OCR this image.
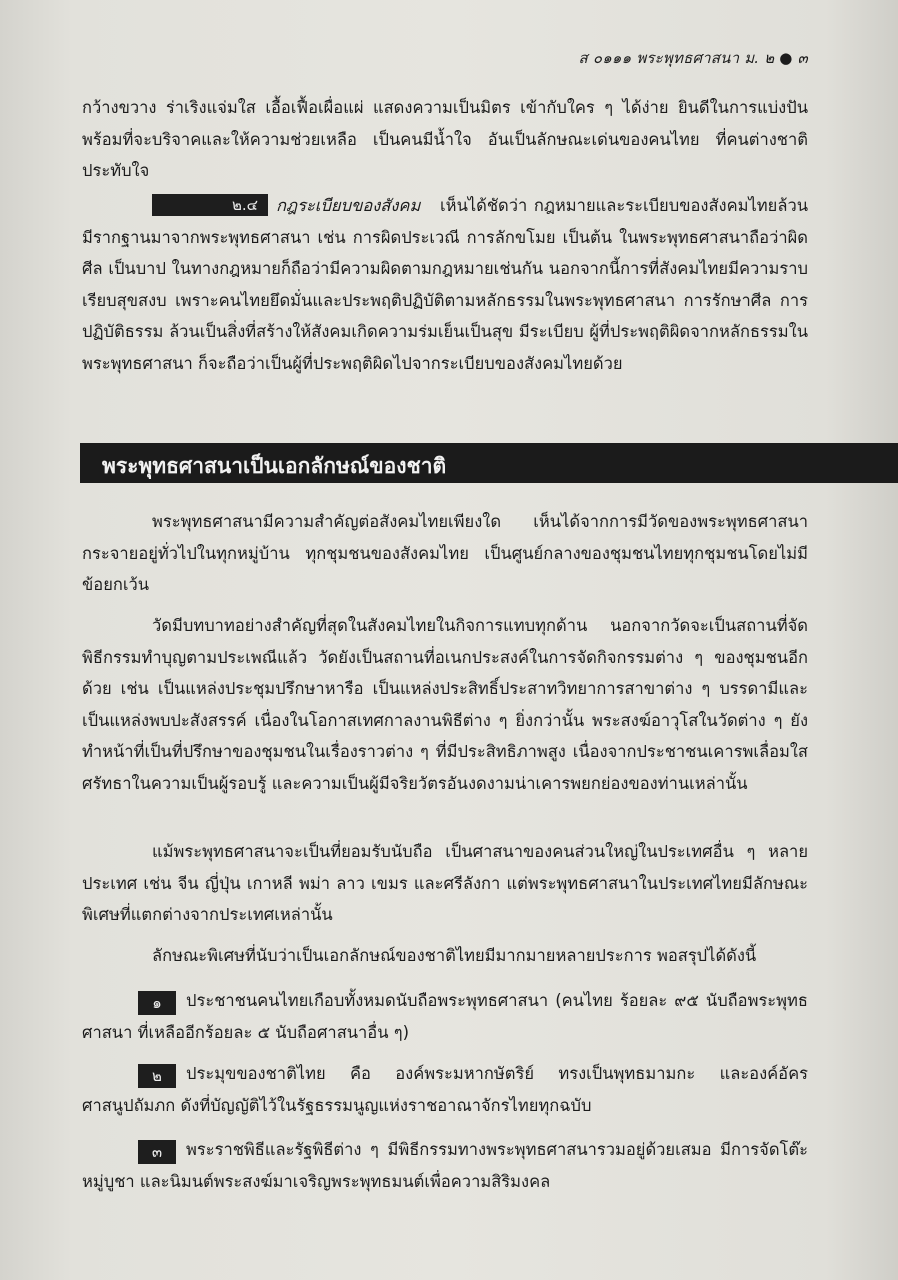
ส ๐๑๑๑ พระพุทธศาสนา ม. ๒ ● ๓
กว้างขวาง ร่าเริงแจ่มใส เอื้อเฟื้อเผื่อแผ่ แสดงความเป็นมิตร เข้ากับใคร ๆ ได้ง่าย ยินดีในการแบ่งปันพร้อมที่จะบริจาคและให้ความช่วยเหลือ เป็นคนมีน้ำใจ อันเป็นลักษณะเด่นของคนไทย ที่คนต่างชาติประทับใจ
๒.๔ กฎระเบียบของสังคม เห็นได้ชัดว่า กฎหมายและระเบียบของสังคมไทยล้วนมีรากฐานมาจากพระพุทธศาสนา เช่น การผิดประเวณี การลักขโมย เป็นต้น ในพระพุทธศาสนาถือว่าผิดศีล เป็นบาป ในทางกฎหมายก็ถือว่ามีความผิดตามกฎหมายเช่นกัน นอกจากนี้การที่สังคมไทยมีความราบเรียบสุขสงบ เพราะคนไทยยึดมั่นและประพฤติปฏิบัติตามหลักธรรมในพระพุทธศาสนา การรักษาศีล การปฏิบัติธรรม ล้วนเป็นสิ่งที่สร้างให้สังคมเกิดความร่มเย็นเป็นสุข มีระเบียบ ผู้ที่ประพฤติผิดจากหลักธรรมในพระพุทธศาสนา ก็จะถือว่าเป็นผู้ที่ประพฤติผิดไปจากระเบียบของสังคมไทยด้วย
พระพุทธศาสนาเป็นเอกลักษณ์ของชาติ
พระพุทธศาสนามีความสำคัญต่อสังคมไทยเพียงใด เห็นได้จากการมีวัดของพระพุทธศาสนากระจายอยู่ทั่วไปในทุกหมู่บ้าน ทุกชุมชนของสังคมไทย เป็นศูนย์กลางของชุมชนไทยทุกชุมชนโดยไม่มีข้อยกเว้น
วัดมีบทบาทอย่างสำคัญที่สุดในสังคมไทยในกิจการแทบทุกด้าน นอกจากวัดจะเป็นสถานที่จัดพิธีกรรมทำบุญตามประเพณีแล้ว วัดยังเป็นสถานที่อเนกประสงค์ในการจัดกิจกรรมต่าง ๆ ของชุมชนอีกด้วย เช่น เป็นแหล่งประชุมปรึกษาหารือ เป็นแหล่งประสิทธิ์ประสาทวิทยาการสาขาต่าง ๆ บรรดามีและเป็นแหล่งพบปะสังสรรค์ เนื่องในโอกาสเทศกาลงานพิธีต่าง ๆ ยิ่งกว่านั้น พระสงฆ์อาวุโสในวัดต่าง ๆ ยังทำหน้าที่เป็นที่ปรึกษาของชุมชนในเรื่องราวต่าง ๆ ที่มีประสิทธิภาพสูง เนื่องจากประชาชนเคารพเลื่อมใสศรัทธาในความเป็นผู้รอบรู้ และความเป็นผู้มีจริยวัตรอันงดงามน่าเคารพยกย่องของท่านเหล่านั้น
แม้พระพุทธศาสนาจะเป็นที่ยอมรับนับถือ เป็นศาสนาของคนส่วนใหญ่ในประเทศอื่น ๆ หลายประเทศ เช่น จีน ญี่ปุ่น เกาหลี พม่า ลาว เขมร และศรีลังกา แต่พระพุทธศาสนาในประเทศไทยมีลักษณะพิเศษที่แตกต่างจากประเทศเหล่านั้น
ลักษณะพิเศษที่นับว่าเป็นเอกลักษณ์ของชาติไทยมีมากมายหลายประการ พอสรุปได้ดังนี้
๑ ประชาชนคนไทยเกือบทั้งหมดนับถือพระพุทธศาสนา (คนไทย ร้อยละ ๙๕ นับถือพระพุทธศาสนา ที่เหลืออีกร้อยละ ๕ นับถือศาสนาอื่น ๆ)
๒ ประมุขของชาติไทย คือ องค์พระมหากษัตริย์ ทรงเป็นพุทธมามกะ และองค์อัครศาสนูปถัมภก ดังที่บัญญัติไว้ในรัฐธรรมนูญแห่งราชอาณาจักรไทยทุกฉบับ
๓ พระราชพิธีและรัฐพิธีต่าง ๆ มีพิธีกรรมทางพระพุทธศาสนารวมอยู่ด้วยเสมอ มีการจัดโต๊ะหมู่บูชา และนิมนต์พระสงฆ์มาเจริญพระพุทธมนต์เพื่อความสิริมงคล
